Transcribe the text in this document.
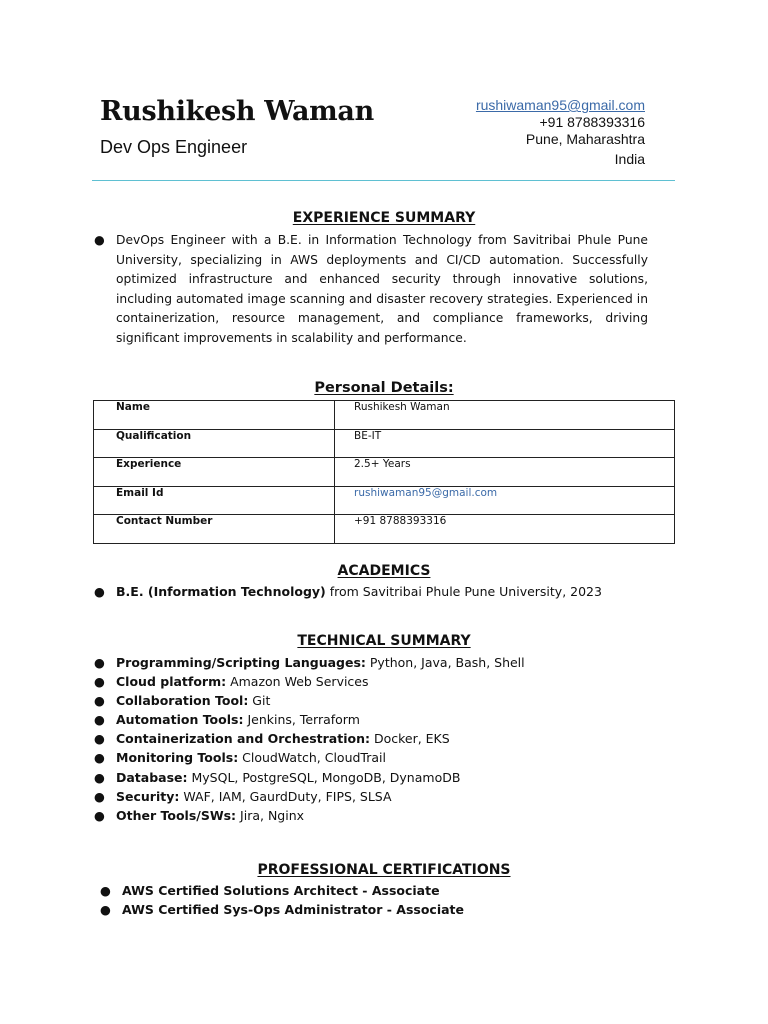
Rushikesh Waman
Dev Ops Engineer
rushiwaman95@gmail.com
+91 8788393316
Pune, Maharashtra
India
EXPERIENCE SUMMARY
● DevOps Engineer with a B.E. in Information Technology from Savitribai Phule Pune University, specializing in AWS deployments and CI/CD automation. Successfully optimized infrastructure and enhanced security through innovative solutions, including automated image scanning and disaster recovery strategies. Experienced in containerization, resource management, and compliance frameworks, driving significant improvements in scalability and performance.
Personal Details:
Name	Rushikesh Waman
Qualification	BE-IT
Experience	2.5+ Years
Email Id	rushiwaman95@gmail.com
Contact Number	+91 8788393316
ACADEMICS
● B.E. (Information Technology) from Savitribai Phule Pune University, 2023
TECHNICAL SUMMARY
● Programming/Scripting Languages: Python, Java, Bash, Shell
● Cloud platform: Amazon Web Services
● Collaboration Tool: Git
● Automation Tools: Jenkins, Terraform
● Containerization and Orchestration: Docker, EKS
● Monitoring Tools: CloudWatch, CloudTrail
● Database: MySQL, PostgreSQL, MongoDB, DynamoDB
● Security: WAF, IAM, GaurdDuty, FIPS, SLSA
● Other Tools/SWs: Jira, Nginx
PROFESSIONAL CERTIFICATIONS
● AWS Certified Solutions Architect - Associate
● AWS Certified Sys-Ops Administrator - Associate
